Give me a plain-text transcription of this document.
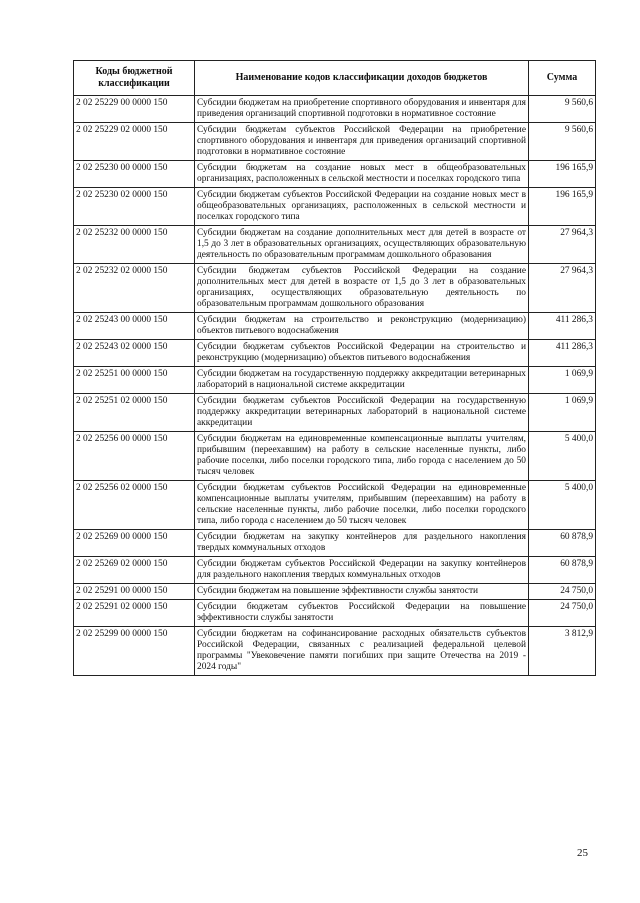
Коды бюджетной классификации	Наименование кодов классификации доходов бюджетов	Сумма
2 02 25229 00 0000 150	Субсидии бюджетам на приобретение спортивного оборудования и инвентаря для приведения организаций спортивной подготовки в нормативное состояние	9 560,6
2 02 25229 02 0000 150	Субсидии бюджетам субъектов Российской Федерации на приобретение спортивного оборудования и инвентаря для приведения организаций спортивной подготовки в нормативное состояние	9 560,6
2 02 25230 00 0000 150	Субсидии бюджетам на создание новых мест в общеобразовательных организациях, расположенных в сельской местности и поселках городского типа	196 165,9
2 02 25230 02 0000 150	Субсидии бюджетам субъектов Российской Федерации на создание новых мест в общеобразовательных организациях, расположенных в сельской местности и поселках городского типа	196 165,9
2 02 25232 00 0000 150	Субсидии бюджетам на создание дополнительных мест для детей в возрасте от 1,5 до 3 лет в образовательных организациях, осуществляющих образовательную деятельность по образовательным программам дошкольного образования	27 964,3
2 02 25232 02 0000 150	Субсидии бюджетам субъектов Российской Федерации на создание дополнительных мест для детей в возрасте от 1,5 до 3 лет в образовательных организациях, осуществляющих образовательную деятельность по образовательным программам дошкольного образования	27 964,3
2 02 25243 00 0000 150	Субсидии бюджетам на строительство и реконструкцию (модернизацию) объектов питьевого водоснабжения	411 286,3
2 02 25243 02 0000 150	Субсидии бюджетам субъектов Российской Федерации на строительство и реконструкцию (модернизацию) объектов питьевого водоснабжения	411 286,3
2 02 25251 00 0000 150	Субсидии бюджетам на государственную поддержку аккредитации ветеринарных лабораторий в национальной системе аккредитации	1 069,9
2 02 25251 02 0000 150	Субсидии бюджетам субъектов Российской Федерации на государственную поддержку аккредитации ветеринарных лабораторий в национальной системе аккредитации	1 069,9
2 02 25256 00 0000 150	Субсидии бюджетам на единовременные компенсационные выплаты учителям, прибывшим (переехавшим) на работу в сельские населенные пункты, либо рабочие поселки, либо поселки городского типа, либо города с населением до 50 тысяч человек	5 400,0
2 02 25256 02 0000 150	Субсидии бюджетам субъектов Российской Федерации на единовременные компенсационные выплаты учителям, прибывшим (переехавшим) на работу в сельские населенные пункты, либо рабочие поселки, либо поселки городского типа, либо города с населением до 50 тысяч человек	5 400,0
2 02 25269 00 0000 150	Субсидии бюджетам на закупку контейнеров для раздельного накопления твердых коммунальных отходов	60 878,9
2 02 25269 02 0000 150	Субсидии бюджетам субъектов Российской Федерации на закупку контейнеров для раздельного накопления твердых коммунальных отходов	60 878,9
2 02 25291 00 0000 150	Субсидии бюджетам на повышение эффективности службы занятости	24 750,0
2 02 25291 02 0000 150	Субсидии бюджетам субъектов Российской Федерации на повышение эффективности службы занятости	24 750,0
2 02 25299 00 0000 150	Субсидии бюджетам на софинансирование расходных обязательств субъектов Российской Федерации, связанных с реализацией федеральной целевой программы "Увековечение памяти погибших при защите Отечества на 2019 - 2024 годы"	3 812,9
25
